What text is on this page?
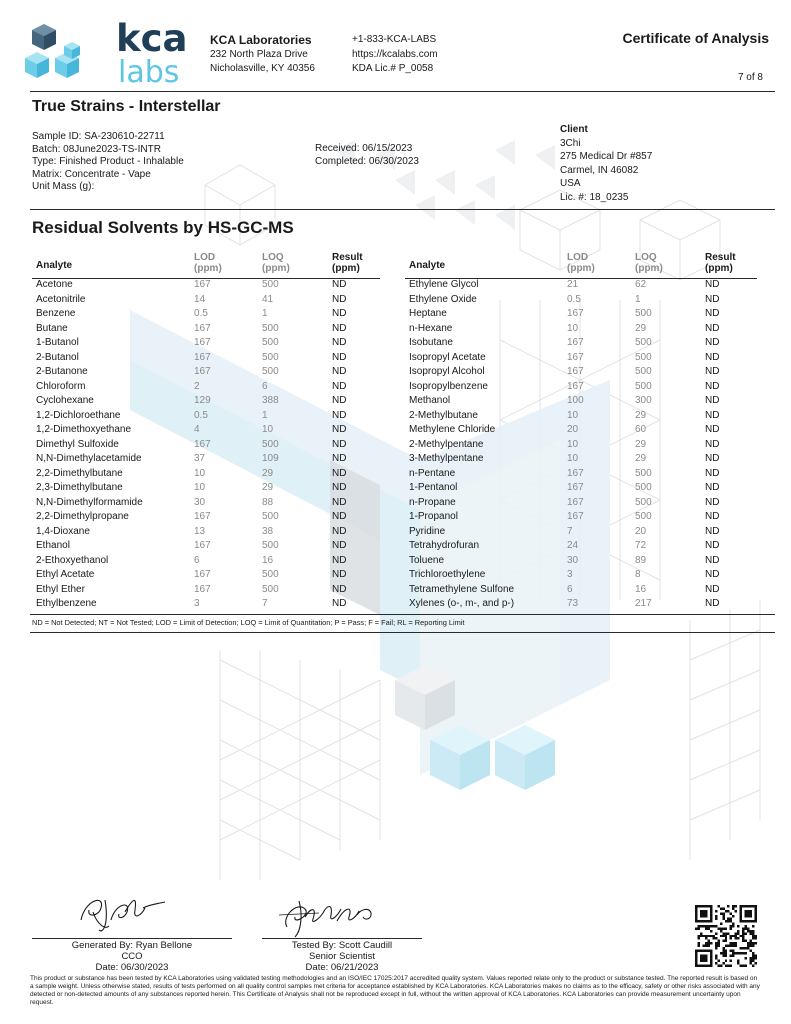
kca
labs
KCA Laboratories
232 North Plaza Drive
Nicholasville, KY 40356
+1-833-KCA-LABS
https://kcalabs.com
KDA Lic.# P_0058
Certificate of Analysis
7 of 8
True Strains - Interstellar
Sample ID: SA-230610-22711
Batch: 08June2023-TS-INTR
Type: Finished Product - Inhalable
Matrix: Concentrate - Vape
Unit Mass (g):
Received: 06/15/2023
Completed: 06/30/2023
Client
3Chi
275 Medical Dr #857
Carmel, IN 46082
USA
Lic. #: 18_0235
Residual Solvents by HS-GC-MS
Analyte
LOD
(ppm)
LOQ
(ppm)
Result
(ppm)
Acetone	167	500	ND
Acetonitrile	14	41	ND
Benzene	0.5	1	ND
Butane	167	500	ND
1-Butanol	167	500	ND
2-Butanol	167	500	ND
2-Butanone	167	500	ND
Chloroform	2	6	ND
Cyclohexane	129	388	ND
1,2-Dichloroethane	0.5	1	ND
1,2-Dimethoxyethane	4	10	ND
Dimethyl Sulfoxide	167	500	ND
N,N-Dimethylacetamide	37	109	ND
2,2-Dimethylbutane	10	29	ND
2,3-Dimethylbutane	10	29	ND
N,N-Dimethylformamide	30	88	ND
2,2-Dimethylpropane	167	500	ND
1,4-Dioxane	13	38	ND
Ethanol	167	500	ND
2-Ethoxyethanol	6	16	ND
Ethyl Acetate	167	500	ND
Ethyl Ether	167	500	ND
Ethylbenzene	3	7	ND
Analyte
LOD
(ppm)
LOQ
(ppm)
Result
(ppm)
Ethylene Glycol	21	62	ND
Ethylene Oxide	0.5	1	ND
Heptane	167	500	ND
n-Hexane	10	29	ND
Isobutane	167	500	ND
Isopropyl Acetate	167	500	ND
Isopropyl Alcohol	167	500	ND
Isopropylbenzene	167	500	ND
Methanol	100	300	ND
2-Methylbutane	10	29	ND
Methylene Chloride	20	60	ND
2-Methylpentane	10	29	ND
3-Methylpentane	10	29	ND
n-Pentane	167	500	ND
1-Pentanol	167	500	ND
n-Propane	167	500	ND
1-Propanol	167	500	ND
Pyridine	7	20	ND
Tetrahydrofuran	24	72	ND
Toluene	30	89	ND
Trichloroethylene	3	8	ND
Tetramethylene Sulfone	6	16	ND
Xylenes (o-, m-, and p-)	73	217	ND
ND = Not Detected; NT = Not Tested; LOD = Limit of Detection; LOQ = Limit of Quantitation; P = Pass; F = Fail; RL = Reporting Limit
Generated By: Ryan Bellone
CCO
Date: 06/30/2023
Tested By: Scott Caudill
Senior Scientist
Date: 06/21/2023
This product or substance has been tested by KCA Laboratories using validated testing methodologies and an ISO/IEC 17025:2017 accredited quality system. Values reported relate only to the product or substance tested. The reported result is based on a sample weight. Unless otherwise stated, results of tests performed on all quality control samples met criteria for acceptance established by KCA Laboratories. KCA Laboratories makes no claims as to the efficacy, safety or other risks associated with any detected or non-detected amounts of any substances reported herein. This Certificate of Analysis shall not be reproduced except in full, without the written approval of KCA Laboratories. KCA Laboratories can provide measurement uncertainty upon request.
